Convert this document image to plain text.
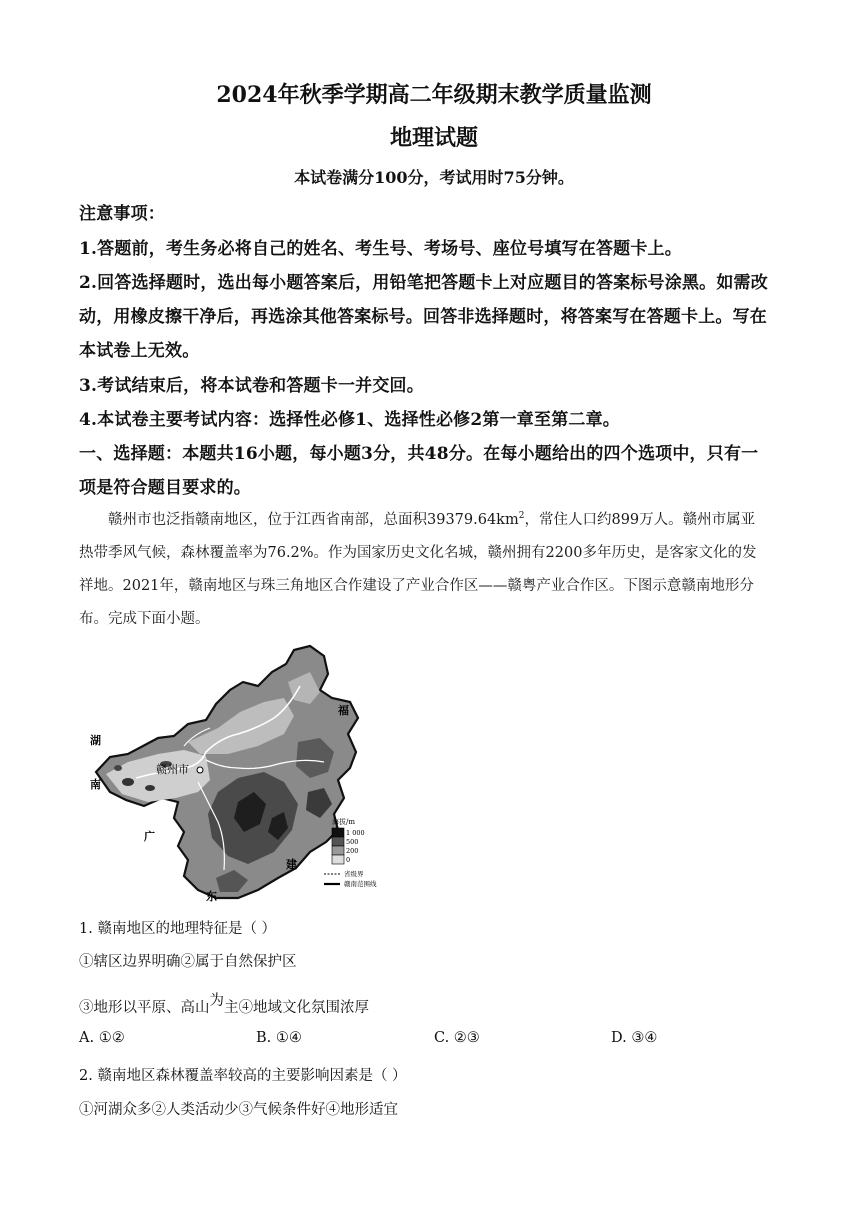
2024年秋季学期高二年级期末教学质量监测
地理试题
本试卷满分100分，考试用时75分钟。
注意事项：
1.答题前，考生务必将自己的姓名、考生号、考场号、座位号填写在答题卡上。
2.回答选择题时，选出每小题答案后，用铅笔把答题卡上对应题目的答案标号涂黑。如需改
动，用橡皮擦干净后，再选涂其他答案标号。回答非选择题时，将答案写在答题卡上。写在
本试卷上无效。
3.考试结束后，将本试卷和答题卡一并交回。
4.本试卷主要考试内容：选择性必修1、选择性必修2第一章至第二章。
一、选择题：本题共16小题，每小题3分，共48分。在每小题给出的四个选项中，只有一
项是符合题目要求的。
赣州市也泛指赣南地区，位于江西省南部，总面积$39379.64km^2$，常住人口约899万人。赣州市属亚
热带季风气候，森林覆盖率为76.2%。作为国家历史文化名城，赣州拥有2200多年历史，是客家文化的发
祥地。2021年，赣南地区与珠三角地区合作建设了产业合作区——赣粤产业合作区。下图示意赣南地形分
布。完成下面小题。
赣州市
湖
南
福
建
广
东
海拔/m
1 000
500
200
0
省级界
赣南范围线
1. 赣南地区的地理特征是（ ）
①辖区边界明确②属于自然保护区
③地形以平原、高山为主④地域文化氛围浓厚
A. ①②	B. ①④	C. ②③	D. ③④
2. 赣南地区森林覆盖率较高的主要影响因素是（ ）
①河湖众多②人类活动少③气候条件好④地形适宜
